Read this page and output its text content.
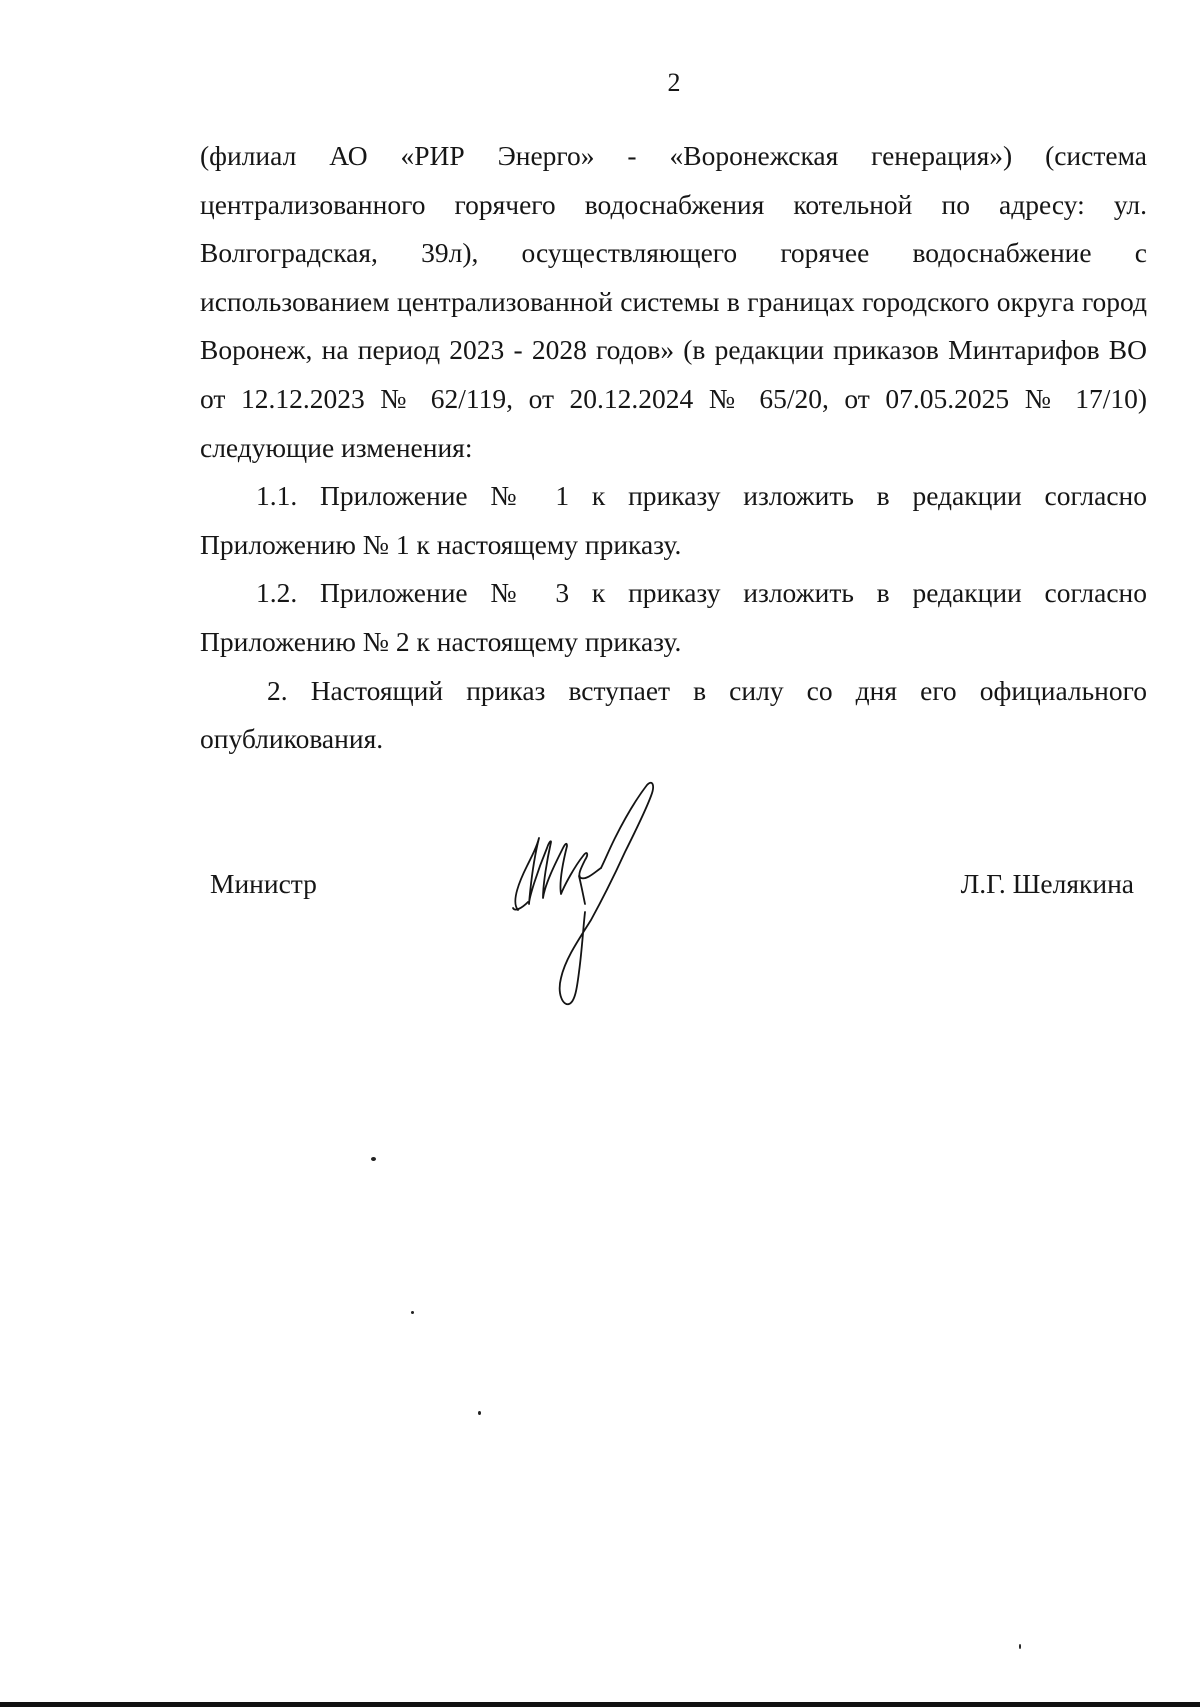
2

(филиал АО «РИР Энерго» - «Воронежская генерация») (система централизованного горячего водоснабжения котельной по адресу: ул. Волгоградская, 39л), осуществляющего горячее водоснабжение с использованием централизованной системы в границах городского округа город Воронеж, на период 2023 - 2028 годов» (в редакции приказов Минтарифов ВО от 12.12.2023 № 62/119, от 20.12.2024 № 65/20, от 07.05.2025 № 17/10) следующие изменения:

1.1. Приложение № 1 к приказу изложить в редакции согласно Приложению № 1 к настоящему приказу.

1.2. Приложение № 3 к приказу изложить в редакции согласно Приложению № 2 к настоящему приказу.

2. Настоящий приказ вступает в силу со дня его официального опубликования.

Министр	Л.Г. Шелякина
